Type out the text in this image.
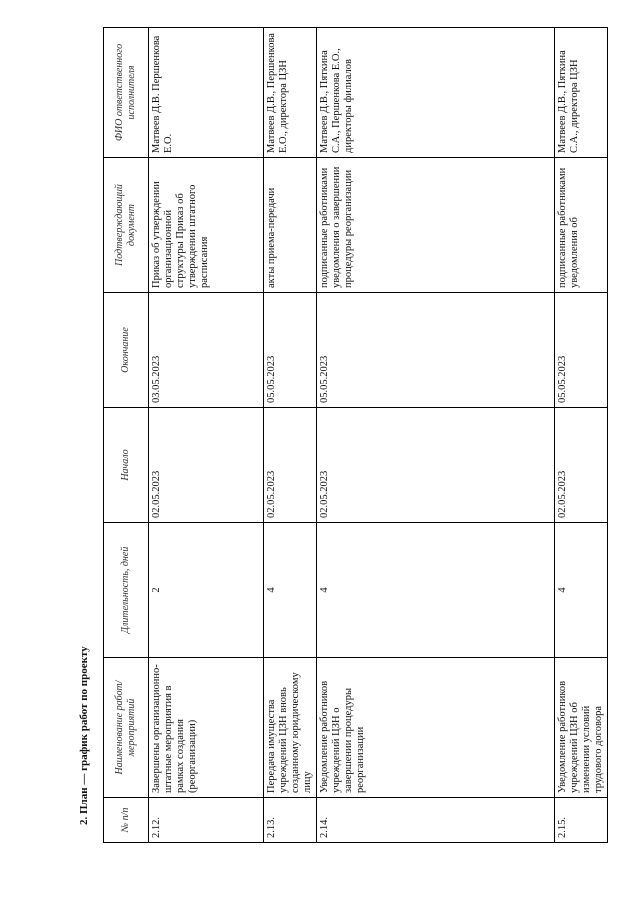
2. План — график работ по проекту	№ п/п	Наименование работ/мероприятий	Длительность, дней	Начало	Окончание	Подтверждающий документ	ФИО ответственного исполнителя
2.12.	Завершены организационно-штатные мероприятия в рамках создания (реорганизации)	2	02.05.2023	03.05.2023	Приказ об утверждении организационной структуры Приказ об утверждении штатного расписания	Матвеев Д.В. Першенкова Е.О.
2.13.	Передача имущества учреждений ЦЗН вновь созданному юридическому лицу	4	02.05.2023	05.05.2023	акты приема-передачи	Матвеев Д.В., Першенкова Е.О., директора ЦЗН
2.14.	Уведомление работников учреждений ЦЗН о завершении процедуры реорганизации	4	02.05.2023	05.05.2023	подписанные работниками уведомления о завершении процедуры реорганизации	Матвеев Д.В., Пяткина С.А., Першенкова Е.О., директоры филиалов
2.15.	Уведомление работников учреждений ЦЗН об изменении условий трудового договора	4	02.05.2023	05.05.2023	подписанные работниками уведомления об	Матвеев Д.В., Пяткина С.А., директора ЦЗН
